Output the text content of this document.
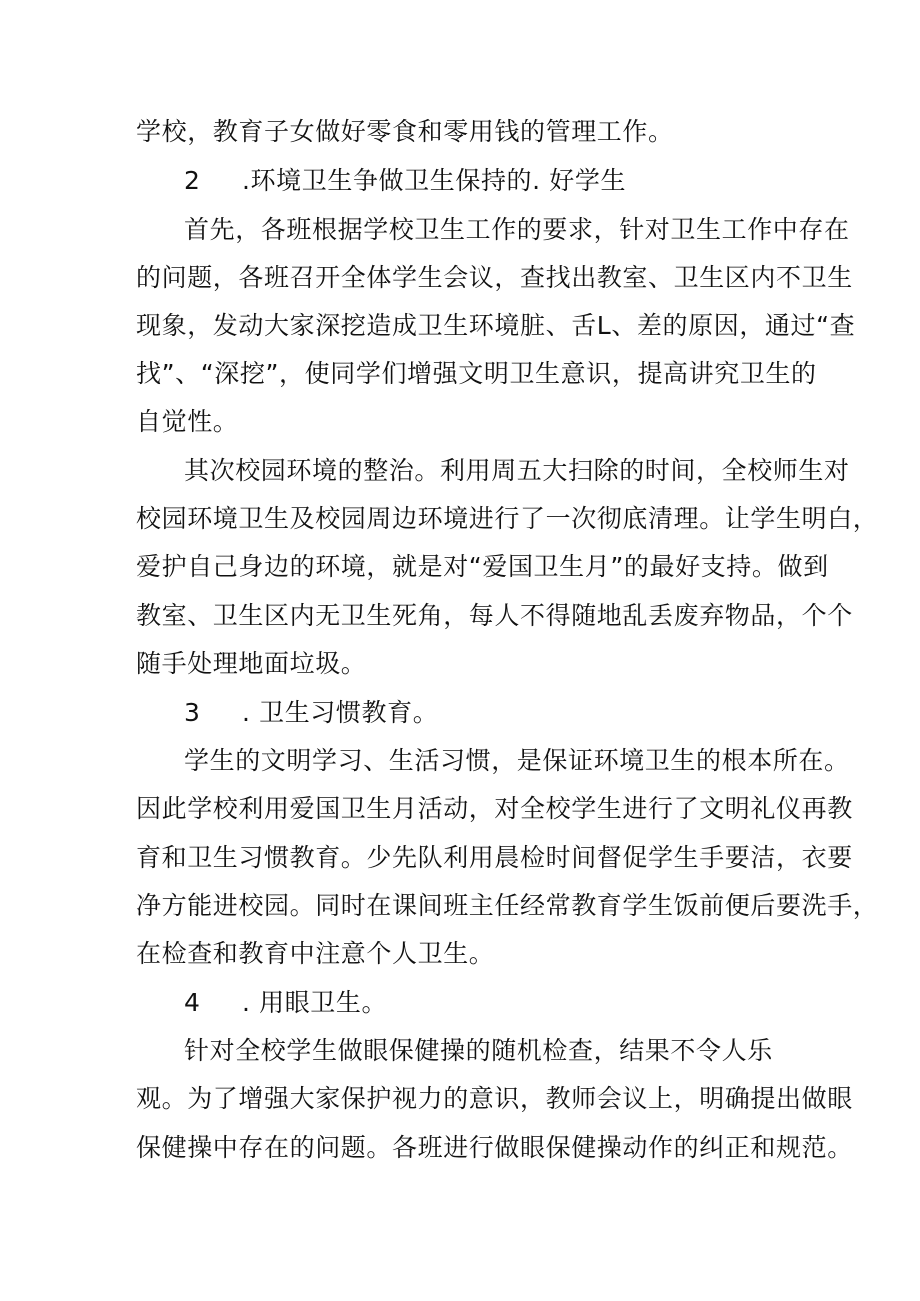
学校，教育子女做好零食和零用钱的管理工作。
2 .环境卫生争做卫生保持的. 好学生
首先，各班根据学校卫生工作的要求，针对卫生工作中存在
的问题，各班召开全体学生会议，查找出教室、卫生区内不卫生
现象，发动大家深挖造成卫生环境脏、舌L、差的原因，通过“查
找”、“深挖”，使同学们增强文明卫生意识，提高讲究卫生的
自觉性。
其次校园环境的整治。利用周五大扫除的时间，全校师生对
校园环境卫生及校园周边环境进行了一次彻底清理。让学生明白，
爱护自己身边的环境，就是对“爱国卫生月”的最好支持。做到
教室、卫生区内无卫生死角，每人不得随地乱丢废弃物品，个个
随手处理地面垃圾。
3 . 卫生习惯教育。
学生的文明学习、生活习惯，是保证环境卫生的根本所在。
因此学校利用爱国卫生月活动，对全校学生进行了文明礼仪再教
育和卫生习惯教育。少先队利用晨检时间督促学生手要洁，衣要
净方能进校园。同时在课间班主任经常教育学生饭前便后要洗手，
在检查和教育中注意个人卫生。
4 . 用眼卫生。
针对全校学生做眼保健操的随机检查，结果不令人乐
观。为了增强大家保护视力的意识，教师会议上，明确提出做眼
保健操中存在的问题。各班进行做眼保健操动作的纠正和规范。
